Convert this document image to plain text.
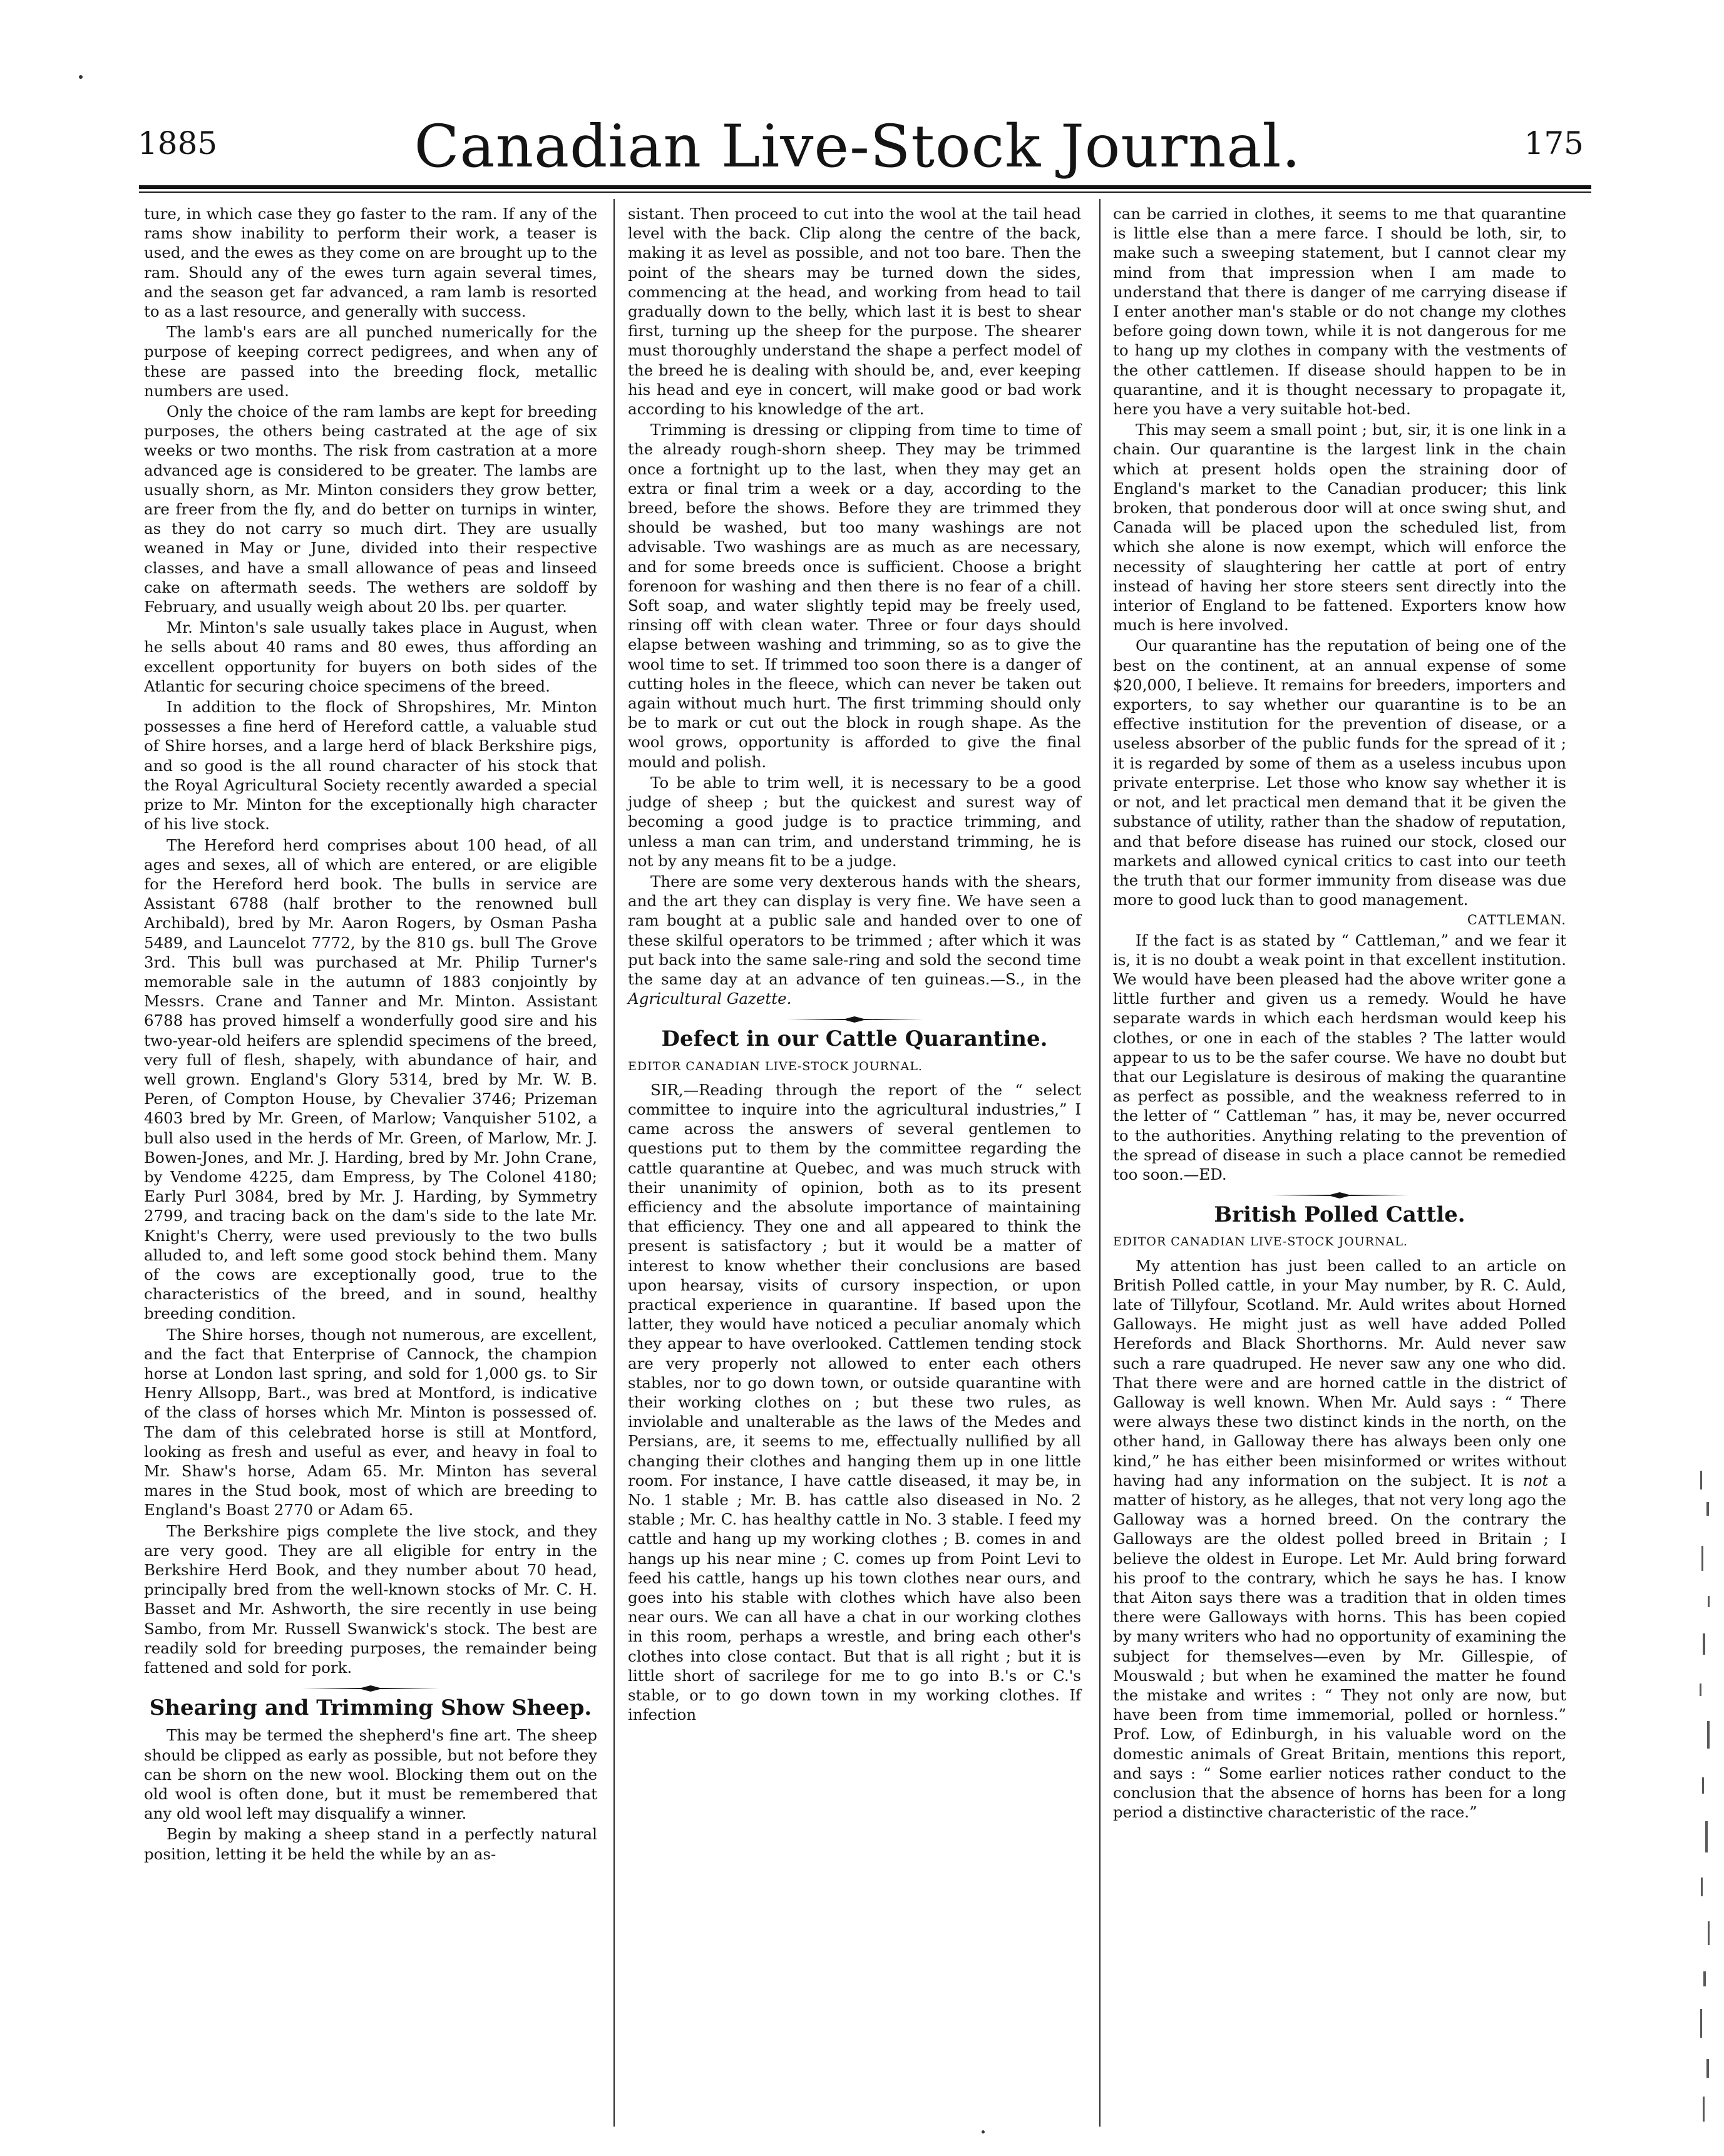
1885	Canadian Live-Stock Journal.	175

ture, in which case they go faster to the ram. If any of the rams show inability to perform their work, a teaser is used, and the ewes as they come on are brought up to the ram. Should any of the ewes turn again several times, and the season get far advanced, a ram lamb is resorted to as a last resource, and generally with success.

The lamb's ears are all punched numerically for the purpose of keeping correct pedigrees, and when any of these are passed into the breeding flock, metallic numbers are used.

Only the choice of the ram lambs are kept for breeding purposes, the others being castrated at the age of six weeks or two months. The risk from castration at a more advanced age is considered to be greater. The lambs are usually shorn, as Mr. Minton considers they grow better, are freer from the fly, and do better on turnips in winter, as they do not carry so much dirt. They are usually weaned in May or June, divided into their respective classes, and have a small allowance of peas and linseed cake on aftermath seeds. The wethers are soldoff by February, and usually weigh about 20 lbs. per quarter.

Mr. Minton's sale usually takes place in August, when he sells about 40 rams and 80 ewes, thus affording an excellent opportunity for buyers on both sides of the Atlantic for securing choice specimens of the breed.

In addition to the flock of Shropshires, Mr. Minton possesses a fine herd of Hereford cattle, a valuable stud of Shire horses, and a large herd of black Berkshire pigs, and so good is the all round character of his stock that the Royal Agricultural Society recently awarded a special prize to Mr. Minton for the exceptionally high character of his live stock.

The Hereford herd comprises about 100 head, of all ages and sexes, all of which are entered, or are eligible for the Hereford herd book. The bulls in service are Assistant 6788 (half brother to the renowned bull Archibald), bred by Mr. Aaron Rogers, by Osman Pasha 5489, and Launcelot 7772, by the 810 gs. bull The Grove 3rd. This bull was purchased at Mr. Philip Turner's memorable sale in the autumn of 1883 conjointly by Messrs. Crane and Tanner and Mr. Minton. Assistant 6788 has proved himself a wonderfully good sire and his two-year-old heifers are splendid specimens of the breed, very full of flesh, shapely, with abundance of hair, and well grown. England's Glory 5314, bred by Mr. W. B. Peren, of Compton House, by Chevalier 3746; Prizeman 4603 bred by Mr. Green, of Marlow; Vanquisher 5102, a bull also used in the herds of Mr. Green, of Marlow, Mr. J. Bowen-Jones, and Mr. J. Harding, bred by Mr. John Crane, by Vendome 4225, dam Empress, by The Colonel 4180; Early Purl 3084, bred by Mr. J. Harding, by Symmetry 2799, and tracing back on the dam's side to the late Mr. Knight's Cherry, were used previously to the two bulls alluded to, and left some good stock behind them. Many of the cows are exceptionally good, true to the characteristics of the breed, and in sound, healthy breeding condition.

The Shire horses, though not numerous, are excellent, and the fact that Enterprise of Cannock, the champion horse at London last spring, and sold for 1,000 gs. to Sir Henry Allsopp, Bart., was bred at Montford, is indicative of the class of horses which Mr. Minton is possessed of. The dam of this celebrated horse is still at Montford, looking as fresh and useful as ever, and heavy in foal to Mr. Shaw's horse, Adam 65. Mr. Minton has several mares in the Stud book, most of which are breeding to England's Boast 2770 or Adam 65.

The Berkshire pigs complete the live stock, and they are very good. They are all eligible for entry in the Berkshire Herd Book, and they number about 70 head, principally bred from the well-known stocks of Mr. C. H. Basset and Mr. Ashworth, the sire recently in use being Sambo, from Mr. Russell Swanwick's stock. The best are readily sold for breeding purposes, the remainder being fattened and sold for pork.

Shearing and Trimming Show Sheep.

This may be termed the shepherd's fine art. The sheep should be clipped as early as possible, but not before they can be shorn on the new wool. Blocking them out on the old wool is often done, but it must be remembered that any old wool left may disqualify a winner.

Begin by making a sheep stand in a perfectly natural position, letting it be held the while by an as-

sistant. Then proceed to cut into the wool at the tail head level with the back. Clip along the centre of the back, making it as level as possible, and not too bare. Then the point of the shears may be turned down the sides, commencing at the head, and working from head to tail gradually down to the belly, which last it is best to shear first, turning up the sheep for the purpose. The shearer must thoroughly understand the shape a perfect model of the breed he is dealing with should be, and, ever keeping his head and eye in concert, will make good or bad work according to his knowledge of the art.

Trimming is dressing or clipping from time to time of the already rough-shorn sheep. They may be trimmed once a fortnight up to the last, when they may get an extra or final trim a week or a day, according to the breed, before the shows. Before they are trimmed they should be washed, but too many washings are not advisable. Two washings are as much as are necessary, and for some breeds once is sufficient. Choose a bright forenoon for washing and then there is no fear of a chill. Soft soap, and water slightly tepid may be freely used, rinsing off with clean water. Three or four days should elapse between washing and trimming, so as to give the wool time to set. If trimmed too soon there is a danger of cutting holes in the fleece, which can never be taken out again without much hurt. The first trimming should only be to mark or cut out the block in rough shape. As the wool grows, opportunity is afforded to give the final mould and polish.

To be able to trim well, it is necessary to be a good judge of sheep ; but the quickest and surest way of becoming a good judge is to practice trimming, and unless a man can trim, and understand trimming, he is not by any means fit to be a judge.

There are some very dexterous hands with the shears, and the art they can display is very fine. We have seen a ram bought at a public sale and handed over to one of these skilful operators to be trimmed ; after which it was put back into the same sale-ring and sold the second time the same day at an advance of ten guineas.—S., in the Agricultural Gazette.

Defect in our Cattle Quarantine.
EDITOR CANADIAN LIVE-STOCK JOURNAL.

SIR,—Reading through the report of the “ select committee to inquire into the agricultural industries,” I came across the answers of several gentlemen to questions put to them by the committee regarding the cattle quarantine at Quebec, and was much struck with their unanimity of opinion, both as to its present efficiency and the absolute importance of maintaining that efficiency. They one and all appeared to think the present is satisfactory ; but it would be a matter of interest to know whether their conclusions are based upon hearsay, visits of cursory inspection, or upon practical experience in quarantine. If based upon the latter, they would have noticed a peculiar anomaly which they appear to have overlooked. Cattlemen tending stock are very properly not allowed to enter each others stables, nor to go down town, or outside quarantine with their working clothes on ; but these two rules, as inviolable and unalterable as the laws of the Medes and Persians, are, it seems to me, effectually nullified by all changing their clothes and hanging them up in one little room. For instance, I have cattle diseased, it may be, in No. 1 stable ; Mr. B. has cattle also diseased in No. 2 stable ; Mr. C. has healthy cattle in No. 3 stable. I feed my cattle and hang up my working clothes ; B. comes in and hangs up his near mine ; C. comes up from Point Levi to feed his cattle, hangs up his town clothes near ours, and goes into his stable with clothes which have also been near ours. We can all have a chat in our working clothes in this room, perhaps a wrestle, and bring each other's clothes into close contact. But that is all right ; but it is little short of sacrilege for me to go into B.'s or C.'s stable, or to go down town in my working clothes. If infection

can be carried in clothes, it seems to me that quarantine is little else than a mere farce. I should be loth, sir, to make such a sweeping statement, but I cannot clear my mind from that impression when I am made to understand that there is danger of me carrying disease if I enter another man's stable or do not change my clothes before going down town, while it is not dangerous for me to hang up my clothes in company with the vestments of the other cattlemen. If disease should happen to be in quarantine, and it is thought necessary to propagate it, here you have a very suitable hot-bed.

This may seem a small point ; but, sir, it is one link in a chain. Our quarantine is the largest link in the chain which at present holds open the straining door of England's market to the Canadian producer; this link broken, that ponderous door will at once swing shut, and Canada will be placed upon the scheduled list, from which she alone is now exempt, which will enforce the necessity of slaughtering her cattle at port of entry instead of having her store steers sent directly into the interior of England to be fattened. Exporters know how much is here involved.

Our quarantine has the reputation of being one of the best on the continent, at an annual expense of some $20,000, I believe. It remains for breeders, importers and exporters, to say whether our quarantine is to be an effective institution for the prevention of disease, or a useless absorber of the public funds for the spread of it ; it is regarded by some of them as a useless incubus upon private enterprise. Let those who know say whether it is or not, and let practical men demand that it be given the substance of utility, rather than the shadow of reputation, and that before disease has ruined our stock, closed our markets and allowed cynical critics to cast into our teeth the truth that our former immunity from disease was due more to good luck than to good management.

CATTLEMAN.

If the fact is as stated by “ Cattleman,” and we fear it is, it is no doubt a weak point in that excellent institution. We would have been pleased had the above writer gone a little further and given us a remedy. Would he have separate wards in which each herdsman would keep his clothes, or one in each of the stables ? The latter would appear to us to be the safer course. We have no doubt but that our Legislature is desirous of making the quarantine as perfect as possible, and the weakness referred to in the letter of “ Cattleman ” has, it may be, never occurred to the authorities. Anything relating to the prevention of the spread of disease in such a place cannot be remedied too soon.—ED.

British Polled Cattle.
EDITOR CANADIAN LIVE-STOCK JOURNAL.

My attention has just been called to an article on British Polled cattle, in your May number, by R. C. Auld, late of Tillyfour, Scotland. Mr. Auld writes about Horned Galloways. He might just as well have added Polled Herefords and Black Shorthorns. Mr. Auld never saw such a rare quadruped. He never saw any one who did. That there were and are horned cattle in the district of Galloway is well known. When Mr. Auld says : “ There were always these two distinct kinds in the north, on the other hand, in Galloway there has always been only one kind,” he has either been misinformed or writes without having had any information on the subject. It is not a matter of history, as he alleges, that not very long ago the Galloway was a horned breed. On the contrary the Galloways are the oldest polled breed in Britain ; I believe the oldest in Europe. Let Mr. Auld bring forward his proof to the contrary, which he says he has. I know that Aiton says there was a tradition that in olden times there were Galloways with horns. This has been copied by many writers who had no opportunity of examining the subject for themselves—even by Mr. Gillespie, of Mouswald ; but when he examined the matter he found the mistake and writes : “ They not only are now, but have been from time immemorial, polled or hornless.” Prof. Low, of Edinburgh, in his valuable word on the domestic animals of Great Britain, mentions this report, and says : “ Some earlier notices rather conduct to the conclusion that the absence of horns has been for a long period a distinctive characteristic of the race.”
